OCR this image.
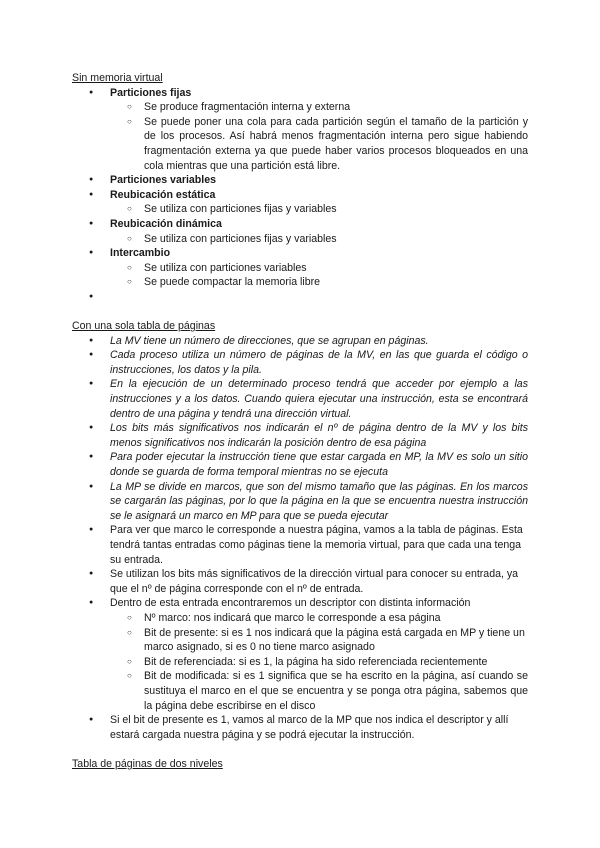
Sin memoria virtual

● Particiones fijas
○ Se produce fragmentación interna y externa
○ Se puede poner una cola para cada partición según el tamaño de la partición y de los procesos. Así habrá menos fragmentación interna pero sigue habiendo fragmentación externa ya que puede haber varios procesos bloqueados en una cola mientras que una partición está libre.
● Particiones variables
● Reubicación estática
○ Se utiliza con particiones fijas y variables
● Reubicación dinámica
○ Se utiliza con particiones fijas y variables
● Intercambio
○ Se utiliza con particiones variables
○ Se puede compactar la memoria libre
●

Con una sola tabla de páginas

● La MV tiene un número de direcciones, que se agrupan en páginas.
● Cada proceso utiliza un número de páginas de la MV, en las que guarda el código o instrucciones, los datos y la pila.
● En la ejecución de un determinado proceso tendrá que acceder por ejemplo a las instrucciones y a los datos. Cuando quiera ejecutar una instrucción, esta se encontrará dentro de una página y tendrá una dirección virtual.
● Los bits más significativos nos indicarán el nº de página dentro de la MV y los bits menos significativos nos indicarán la posición dentro de esa página
● Para poder ejecutar la instrucción tiene que estar cargada en MP, la MV es solo un sitio donde se guarda de forma temporal mientras no se ejecuta
● La MP se divide en marcos, que son del mismo tamaño que las páginas. En los marcos se cargarán las páginas, por lo que la página en la que se encuentra nuestra instrucción se le asignará un marco en MP para que se pueda ejecutar
● Para ver que marco le corresponde a nuestra página, vamos a la tabla de páginas. Esta tendrá tantas entradas como páginas tiene la memoria virtual, para que cada una tenga su entrada.
● Se utilizan los bits más significativos de la dirección virtual para conocer su entrada, ya que el nº de página corresponde con el nº de entrada.
● Dentro de esta entrada encontraremos un descriptor con distinta información
○ Nº marco: nos indicará que marco le corresponde a esa página
○ Bit de presente: si es 1 nos indicará que la página está cargada en MP y tiene un marco asignado, si es 0 no tiene marco asignado
○ Bit de referenciada: si es 1, la página ha sido referenciada recientemente
○ Bit de modificada: si es 1 significa que se ha escrito en la página, así cuando se sustituya el marco en el que se encuentra y se ponga otra página, sabemos que la página debe escribirse en el disco
● Si el bit de presente es 1, vamos al marco de la MP que nos indica el descriptor y allí estará cargada nuestra página y se podrá ejecutar la instrucción.

Tabla de páginas de dos niveles
